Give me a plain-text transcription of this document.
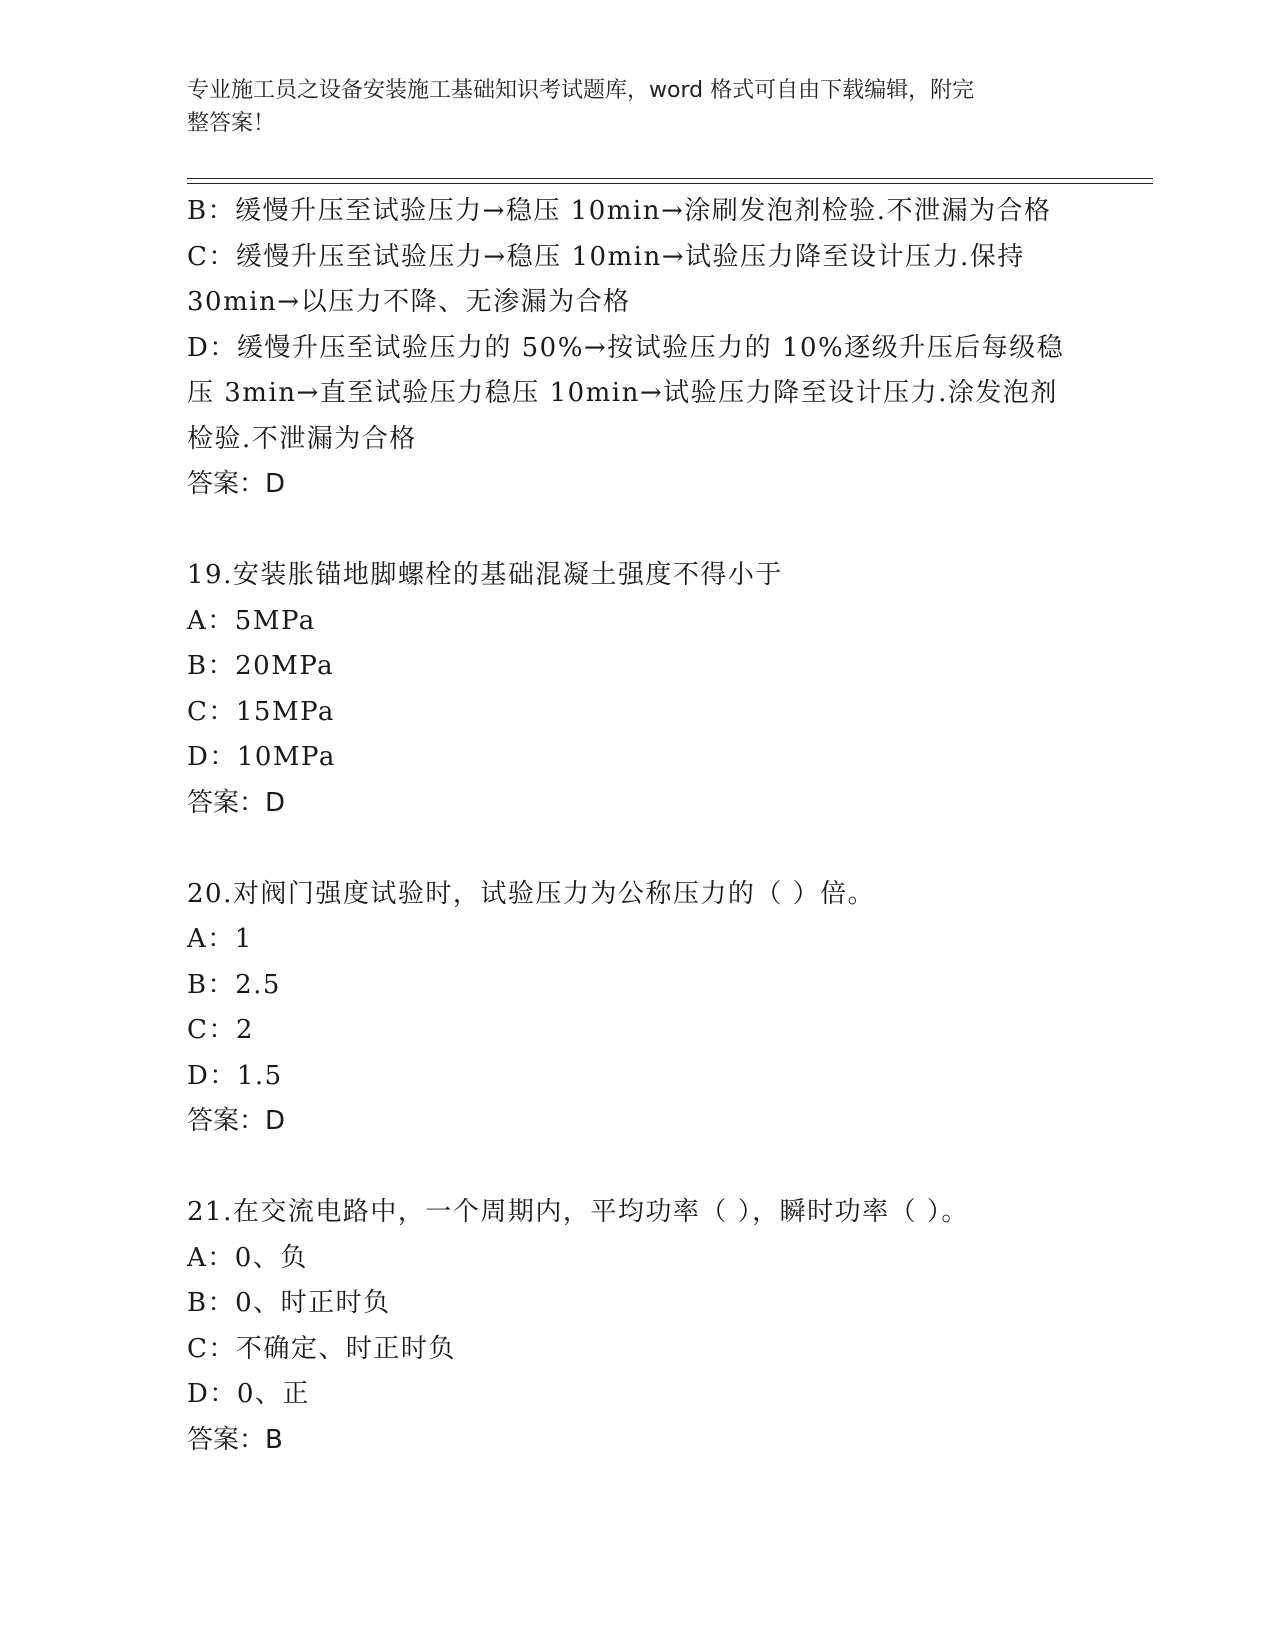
专业施工员之设备安装施工基础知识考试题库，word 格式可自由下载编辑，附完
整答案！
B：缓慢升压至试验压力→稳压 10min→涂刷发泡剂检验.不泄漏为合格
C：缓慢升压至试验压力→稳压 10min→试验压力降至设计压力.保持
30min→以压力不降、无渗漏为合格
D：缓慢升压至试验压力的 50%→按试验压力的 10%逐级升压后每级稳
压 3min→直至试验压力稳压 10min→试验压力降至设计压力.涂发泡剂
检验.不泄漏为合格
答案：D
19.安装胀锚地脚螺栓的基础混凝土强度不得小于
A：5MPa
B：20MPa
C：15MPa
D：10MPa
答案：D
20.对阀门强度试验时，试验压力为公称压力的（ ）倍。
A：1
B：2.5
C：2
D：1.5
答案：D
21.在交流电路中，一个周期内，平均功率（ ），瞬时功率（ ）。
A：0、负
B：0、时正时负
C：不确定、时正时负
D：0、正
答案：B
